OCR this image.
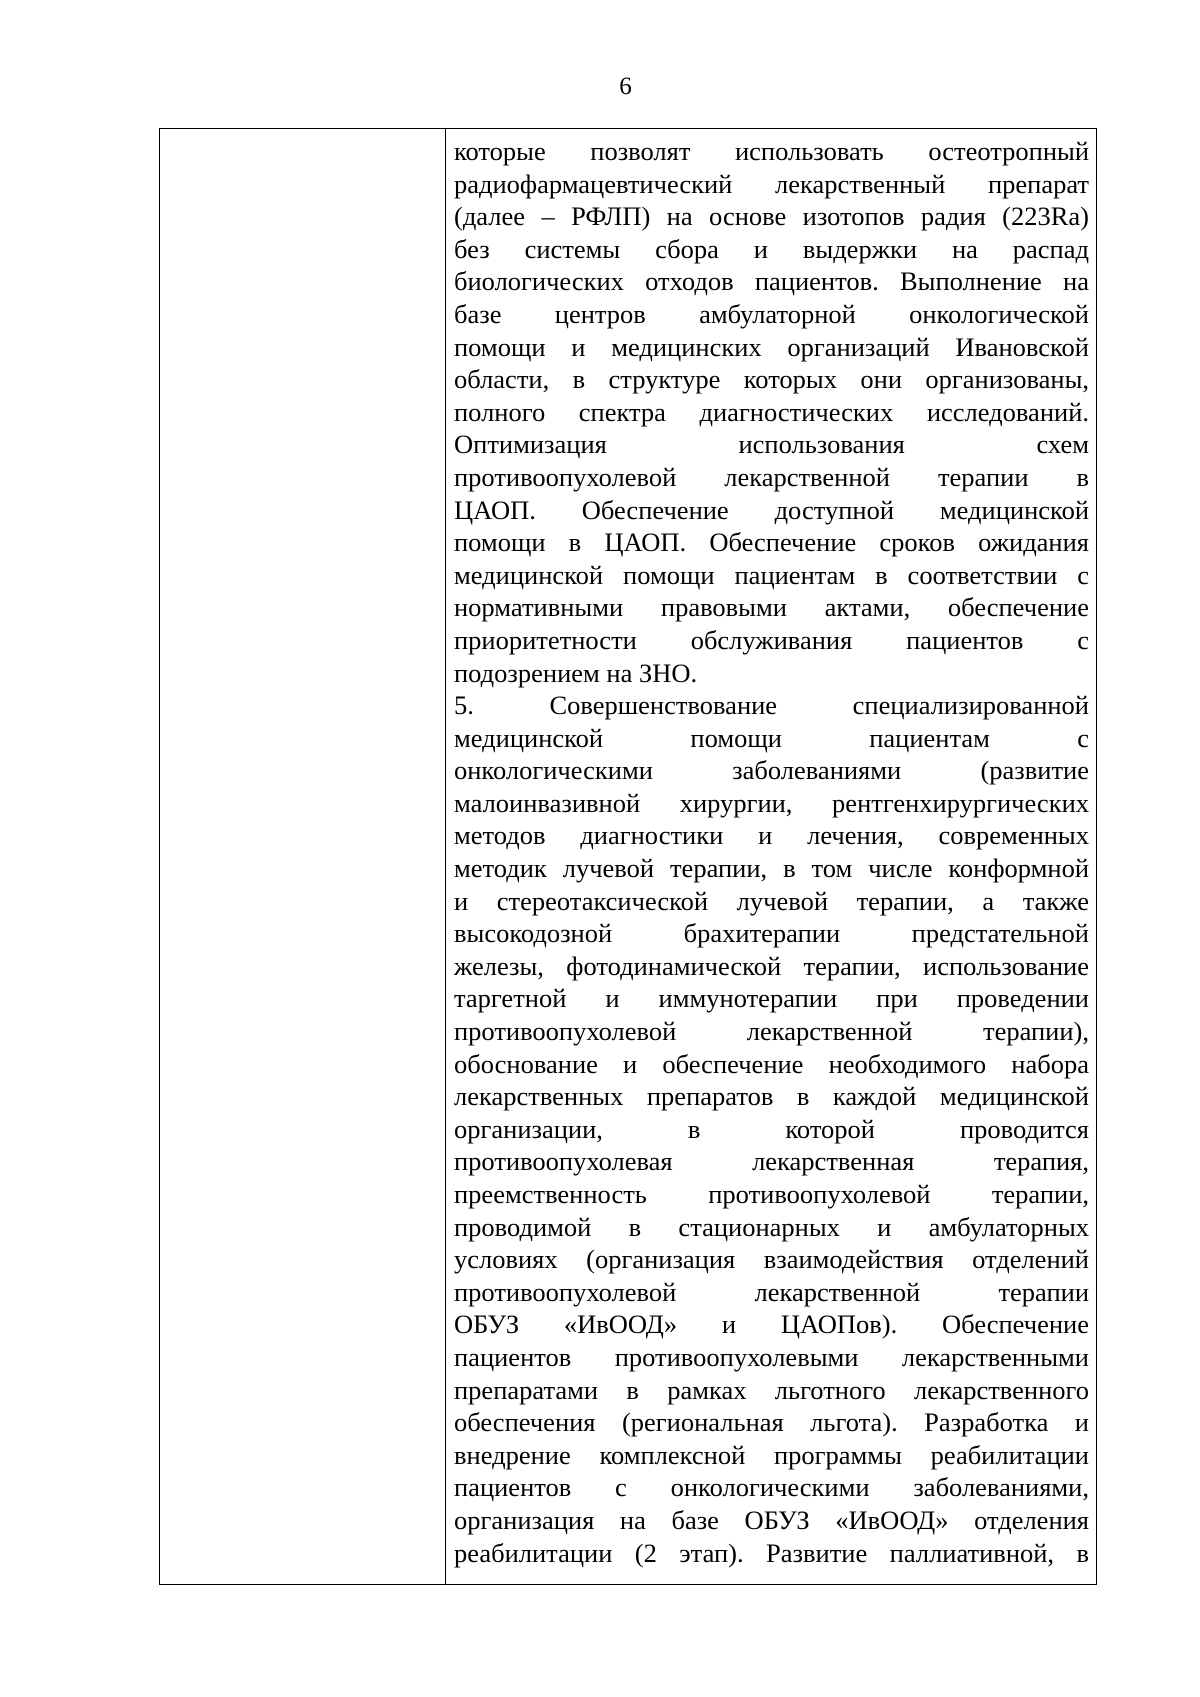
6
которые позволят использовать остеотропный
радиофармацевтический лекарственный препарат
(далее – РФЛП) на основе изотопов радия (223Ra)
без системы сбора и выдержки на распад
биологических отходов пациентов. Выполнение на
базе центров амбулаторной онкологической
помощи и медицинских организаций Ивановской
области, в структуре которых они организованы,
полного спектра диагностических исследований.
Оптимизация использования схем
противоопухолевой лекарственной терапии в
ЦАОП. Обеспечение доступной медицинской
помощи в ЦАОП. Обеспечение сроков ожидания
медицинской помощи пациентам в соответствии с
нормативными правовыми актами, обеспечение
приоритетности обслуживания пациентов с
подозрением на ЗНО.
5. Совершенствование специализированной
медицинской помощи пациентам с
онкологическими заболеваниями (развитие
малоинвазивной хирургии, рентгенхирургических
методов диагностики и лечения, современных
методик лучевой терапии, в том числе конформной
и стереотаксической лучевой терапии, а также
высокодозной брахитерапии предстательной
железы, фотодинамической терапии, использование
таргетной и иммунотерапии при проведении
противоопухолевой лекарственной терапии),
обоснование и обеспечение необходимого набора
лекарственных препаратов в каждой медицинской
организации, в которой проводится
противоопухолевая лекарственная терапия,
преемственность противоопухолевой терапии,
проводимой в стационарных и амбулаторных
условиях (организация взаимодействия отделений
противоопухолевой лекарственной терапии
ОБУЗ «ИвООД» и ЦАОПов). Обеспечение
пациентов противоопухолевыми лекарственными
препаратами в рамках льготного лекарственного
обеспечения (региональная льгота). Разработка и
внедрение комплексной программы реабилитации
пациентов с онкологическими заболеваниями,
организация на базе ОБУЗ «ИвООД» отделения
реабилитации (2 этап). Развитие паллиативной, в
